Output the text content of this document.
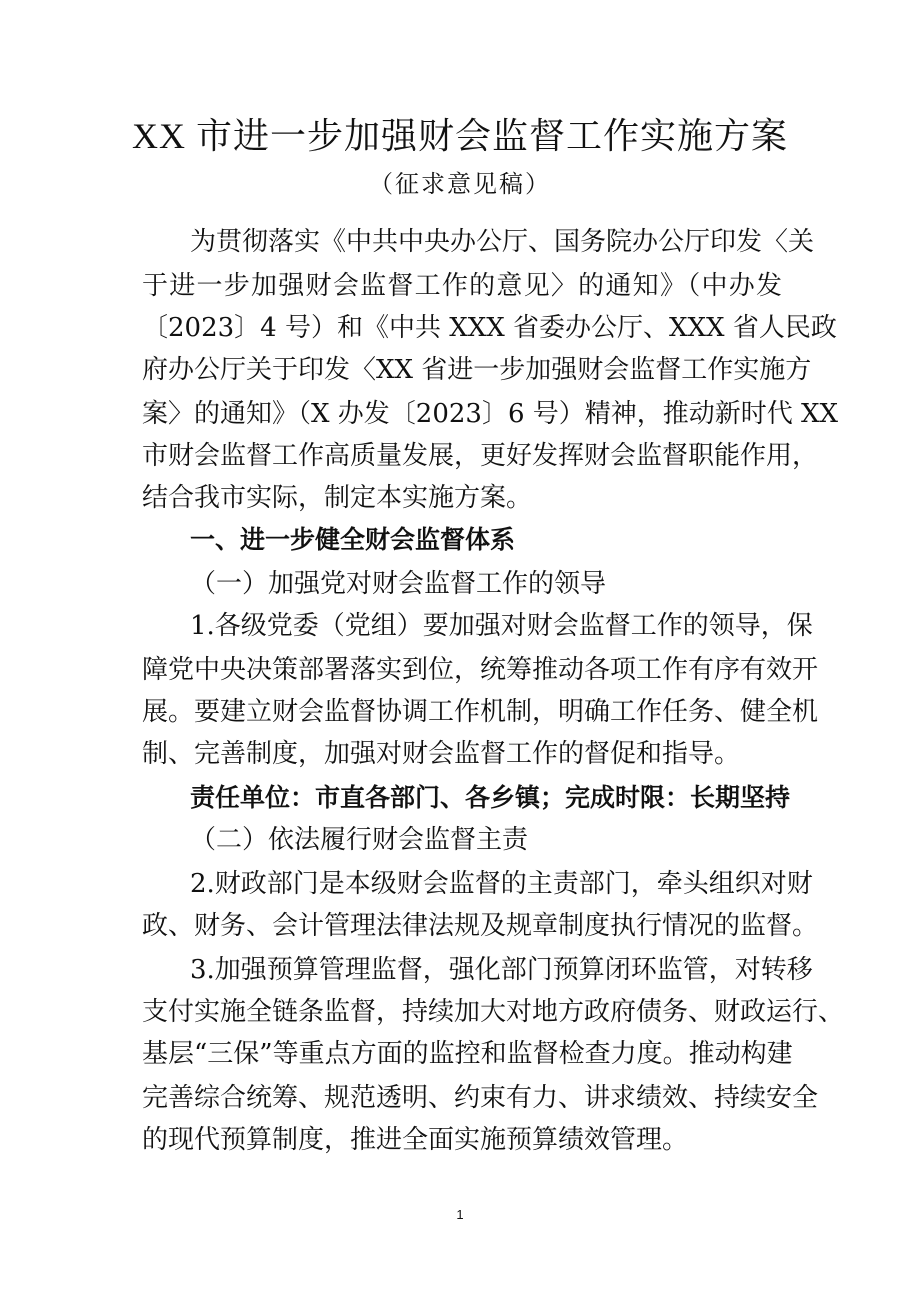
XX 市进一步加强财会监督工作实施方案
（征求意见稿）
为贯彻落实《中共中央办公厅、国务院办公厅印发〈关
于进一步加强财会监督工作的意见〉的通知》（中办发
〔2023〕4 号）和《中共 XXX 省委办公厅、XXX 省人民政
府办公厅关于印发〈XX 省进一步加强财会监督工作实施方
案〉的通知》（X 办发〔2023〕6 号）精神，推动新时代 XX
市财会监督工作高质量发展，更好发挥财会监督职能作用，
结合我市实际，制定本实施方案。
一、进一步健全财会监督体系
（一）加强党对财会监督工作的领导
1.各级党委（党组）要加强对财会监督工作的领导，保
障党中央决策部署落实到位，统筹推动各项工作有序有效开
展。要建立财会监督协调工作机制，明确工作任务、健全机
制、完善制度，加强对财会监督工作的督促和指导。
责任单位：市直各部门、各乡镇；完成时限：长期坚持
（二）依法履行财会监督主责
2.财政部门是本级财会监督的主责部门，牵头组织对财
政、财务、会计管理法律法规及规章制度执行情况的监督。
3.加强预算管理监督，强化部门预算闭环监管，对转移
支付实施全链条监督，持续加大对地方政府债务、财政运行、
基层“三保”等重点方面的监控和监督检查力度。推动构建
完善综合统筹、规范透明、约束有力、讲求绩效、持续安全
的现代预算制度，推进全面实施预算绩效管理。
1
